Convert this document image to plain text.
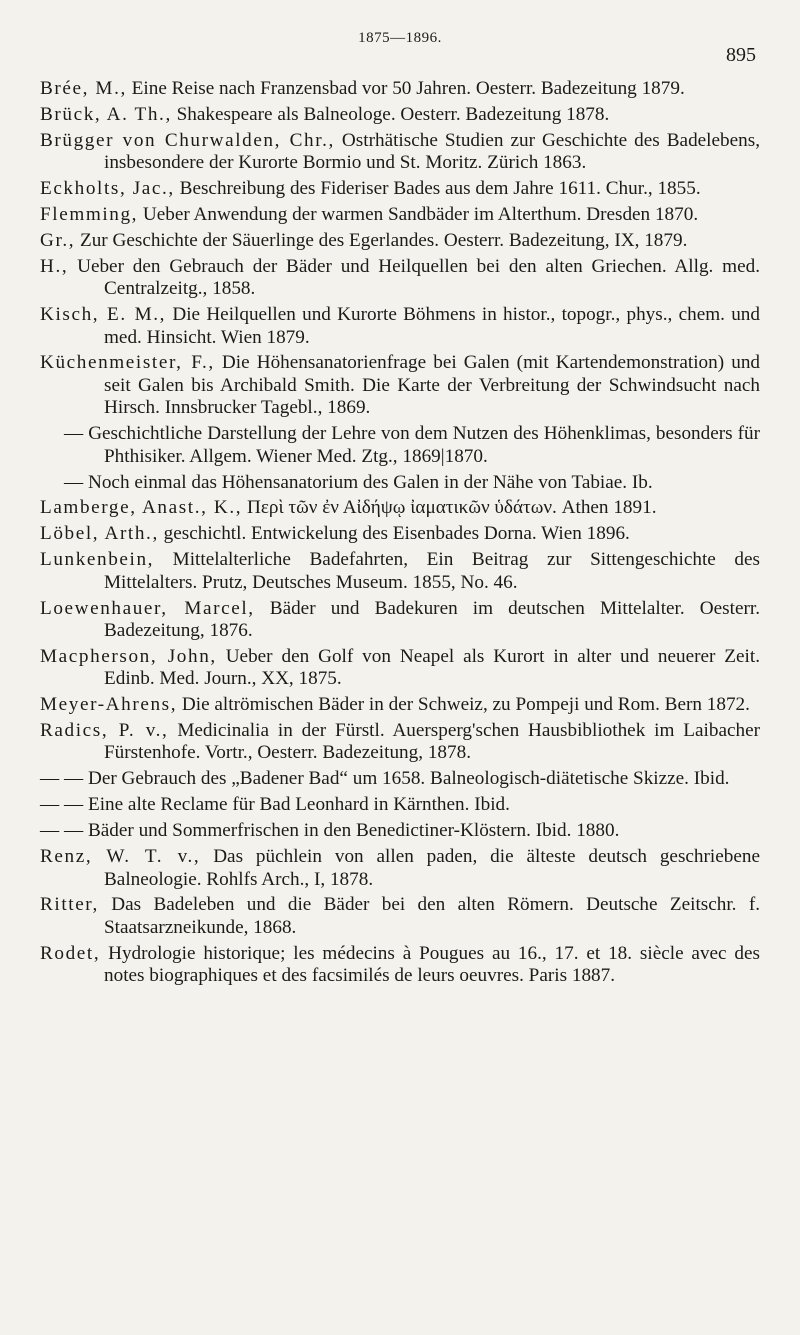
1875—1896.
895

Brée, M., Eine Reise nach Franzensbad vor 50 Jahren. Oesterr. Badezeitung 1879.

Brück, A. Th., Shakespeare als Balneologe. Oesterr. Badezeitung 1878.

Brügger von Churwalden, Chr., Ostrhätische Studien zur Geschichte des Badelebens, insbesondere der Kurorte Bormio und St. Moritz. Zürich 1863.

Eckholts, Jac., Beschreibung des Fideriser Bades aus dem Jahre 1611. Chur., 1855.

Flemming, Ueber Anwendung der warmen Sandbäder im Alterthum. Dresden 1870.

Gr., Zur Geschichte der Säuerlinge des Egerlandes. Oesterr. Badezeitung, IX, 1879.

H., Ueber den Gebrauch der Bäder und Heilquellen bei den alten Griechen. Allg. med. Centralzeitg., 1858.

Kisch, E. M., Die Heilquellen und Kurorte Böhmens in histor., topogr., phys., chem. und med. Hinsicht. Wien 1879.

Küchenmeister, F., Die Höhensanatorienfrage bei Galen (mit Kartendemonstration) und seit Galen bis Archibald Smith. Die Karte der Verbreitung der Schwindsucht nach Hirsch. Innsbrucker Tagebl., 1869.

— Geschichtliche Darstellung der Lehre von dem Nutzen des Höhenklimas, besonders für Phthisiker. Allgem. Wiener Med. Ztg., 1869|1870.

— Noch einmal das Höhensanatorium des Galen in der Nähe von Tabiae. Ib.

Lamberge, Anast., K., Περὶ τῶν ἐν Αἰδήψῳ ἰαματικῶν ὑδάτων. Athen 1891.

Löbel, Arth., geschichtl. Entwickelung des Eisenbades Dorna. Wien 1896.

Lunkenbein, Mittelalterliche Badefahrten, Ein Beitrag zur Sittengeschichte des Mittelalters. Prutz, Deutsches Museum. 1855, No. 46.

Loewenhauer, Marcel, Bäder und Badekuren im deutschen Mittelalter. Oesterr. Badezeitung, 1876.

Macpherson, John, Ueber den Golf von Neapel als Kurort in alter und neuerer Zeit. Edinb. Med. Journ., XX, 1875.

Meyer-Ahrens, Die altrömischen Bäder in der Schweiz, zu Pompeji und Rom. Bern 1872.

Radics, P. v., Medicinalia in der Fürstl. Auersperg'schen Hausbibliothek im Laibacher Fürstenhofe. Vortr., Oesterr. Badezeitung, 1878.

— — Der Gebrauch des „Badener Bad“ um 1658. Balneologisch-diätetische Skizze. Ibid.

— — Eine alte Reclame für Bad Leonhard in Kärnthen. Ibid.

— — Bäder und Sommerfrischen in den Benedictiner-Klöstern. Ibid. 1880.

Renz, W. T. v., Das püchlein von allen paden, die älteste deutsch geschriebene Balneologie. Rohlfs Arch., I, 1878.

Ritter, Das Badeleben und die Bäder bei den alten Römern. Deutsche Zeitschr. f. Staatsarzneikunde, 1868.

Rodet, Hydrologie historique; les médecins à Pougues au 16., 17. et 18. siècle avec des notes biographiques et des facsimilés de leurs oeuvres. Paris 1887.
